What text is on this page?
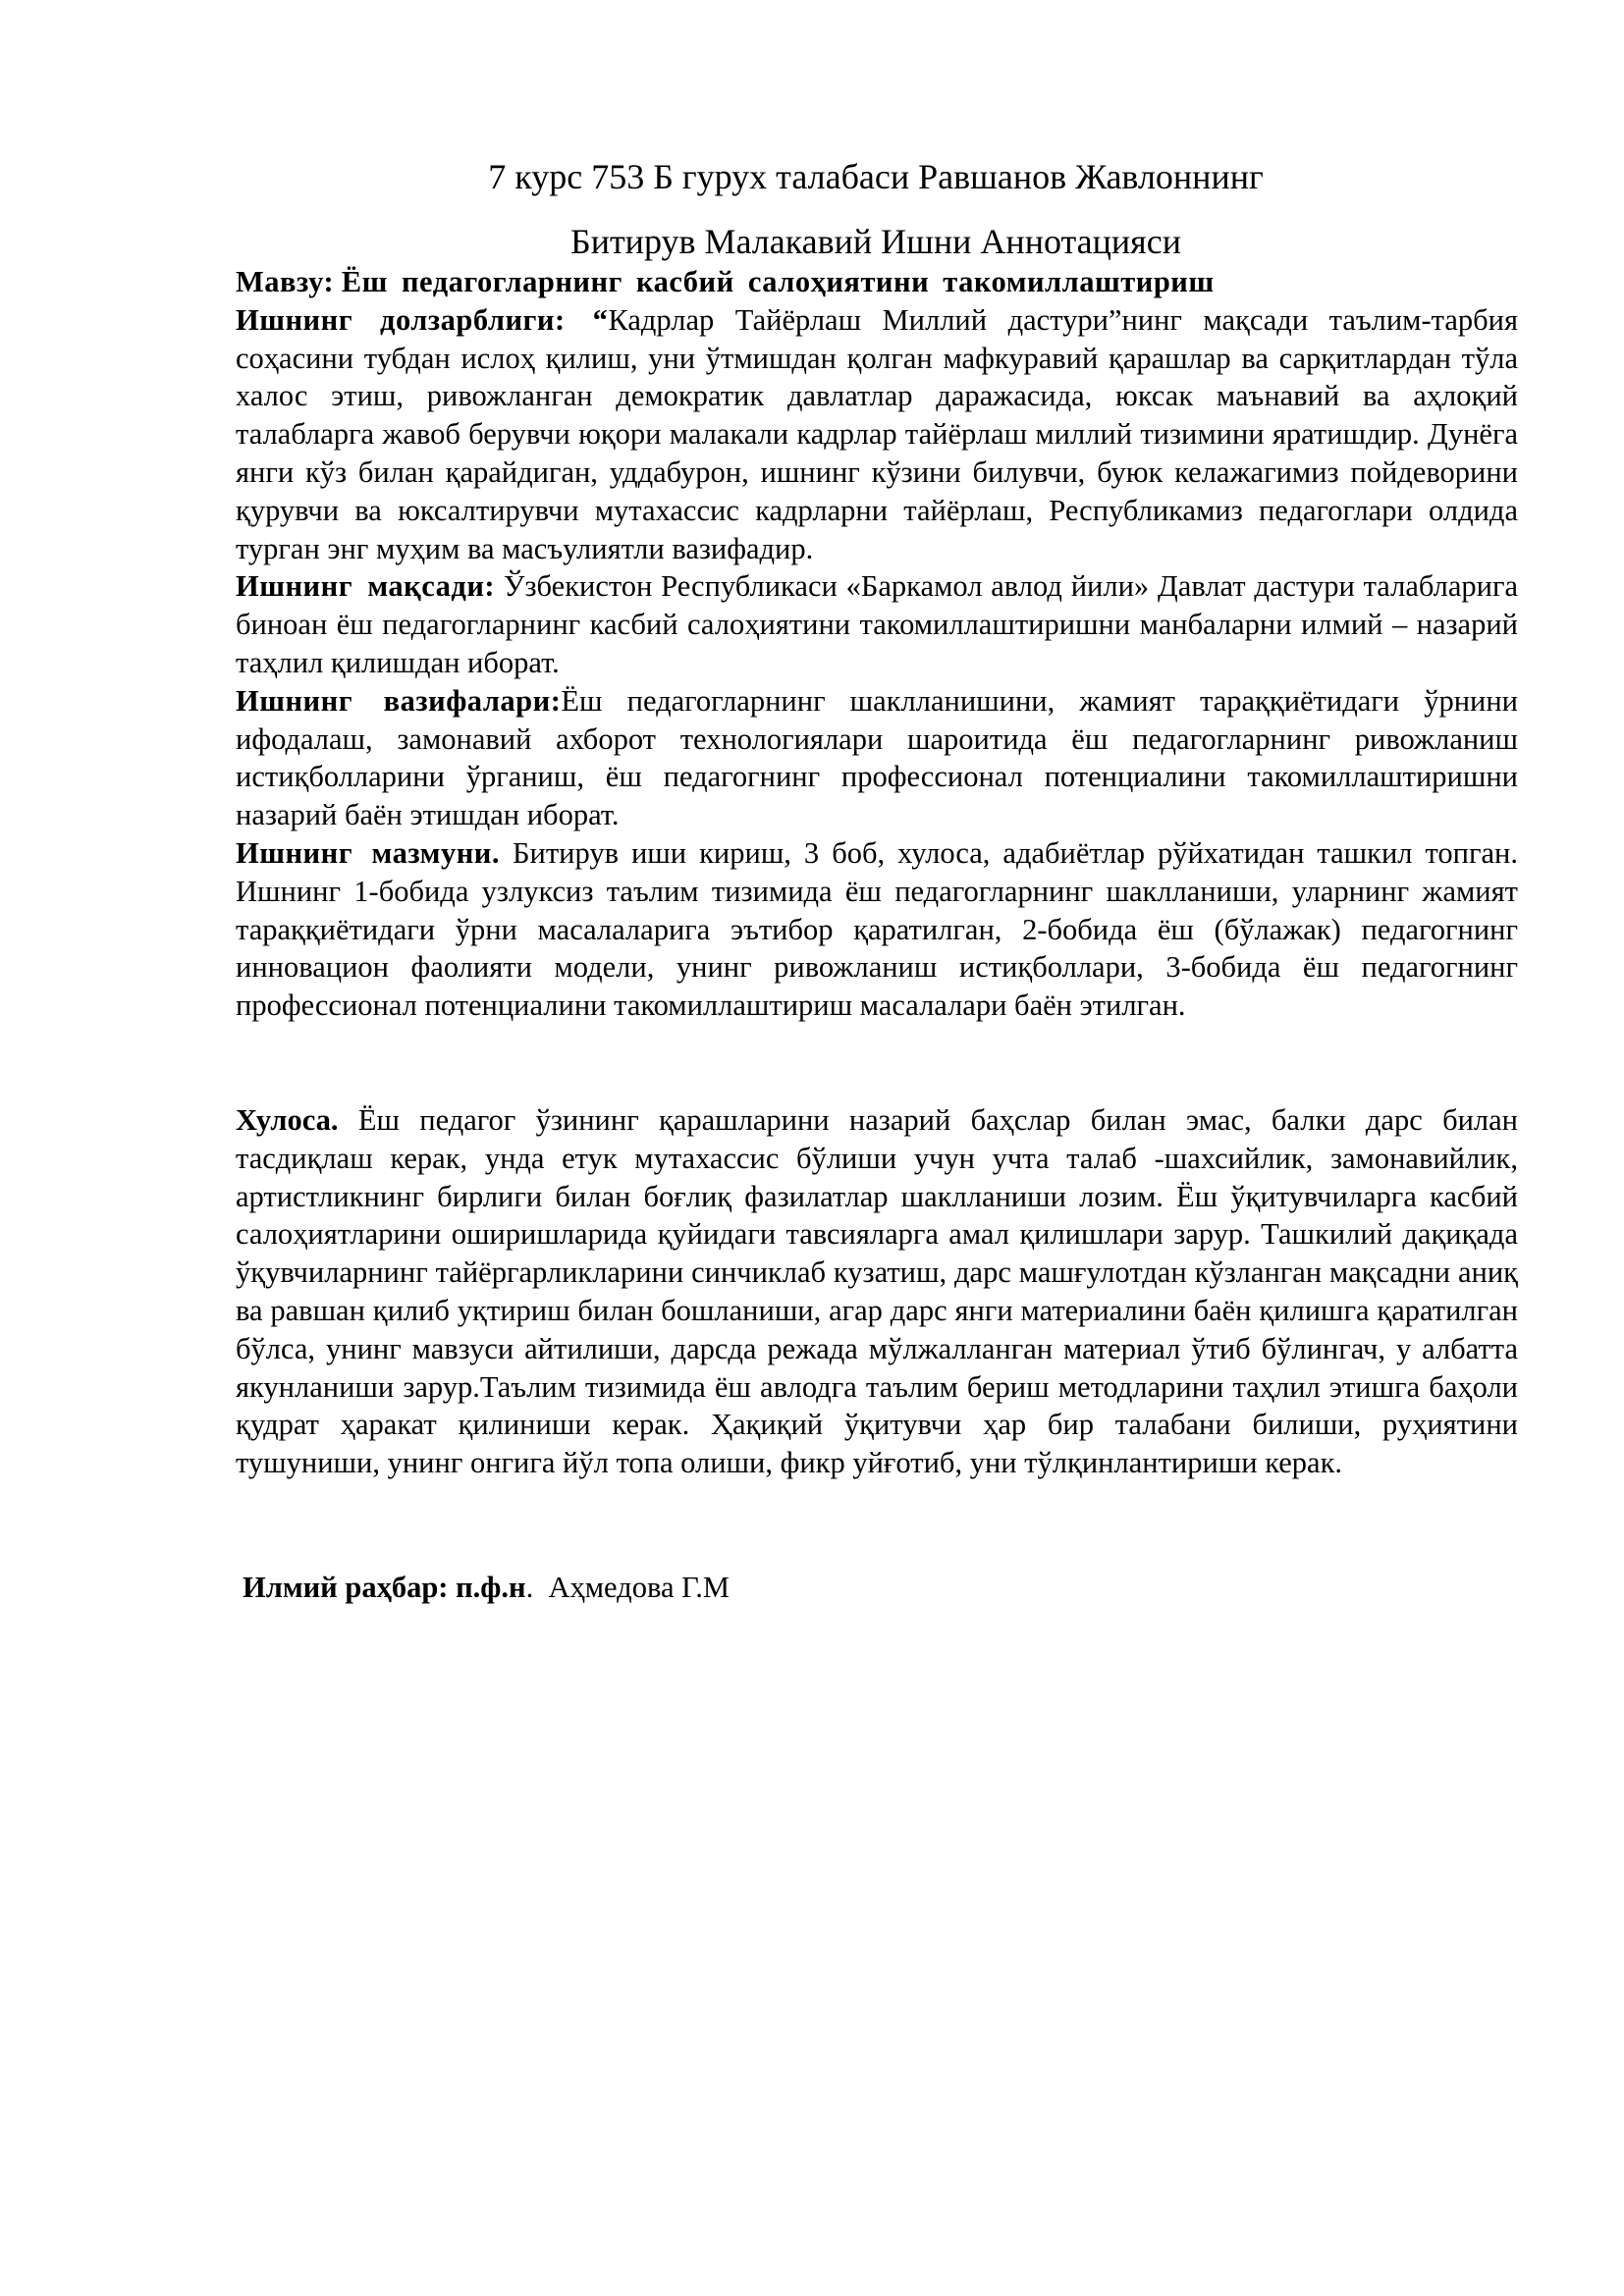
7 курс 753 Б гурух талабаси Равшанов Жавлоннинг
Битирув Малакавий Ишни Аннотацияси

Мавзу: Ёш педагогларнинг касбий салоҳиятини такомиллаштириш

Ишнинг долзарблиги: “Кадрлар Тайёрлаш Миллий дастури”нинг мақсади таълим-тарбия соҳасини тубдан ислоҳ қилиш, уни ўтмишдан қолган мафкуравий қарашлар ва сарқитлардан тўла халос этиш, ривожланган демократик давлатлар даражасида, юксак маънавий ва аҳлоқий талабларга жавоб берувчи юқори малакали кадрлар тайёрлаш миллий тизимини яратишдир. Дунёга янги кўз билан қарайдиган, уддабурон, ишнинг кўзини билувчи, буюк келажагимиз пойдеворини қурувчи ва юксалтирувчи мутахассис кадрларни тайёрлаш, Республикамиз педагоглари олдида турган энг муҳим ва масъулиятли вазифадир.

Ишнинг мақсади: Ўзбекистон Республикаси «Баркамол авлод йили» Давлат дастури талабларига биноан ёш педагогларнинг касбий салоҳиятини такомиллаштиришни манбаларни илмий – назарий таҳлил қилишдан иборат.

Ишнинг вазифалари:Ёш педагогларнинг шаклланишини, жамият тараққиётидаги ўрнини ифодалаш, замонавий ахборот технологиялари шароитида ёш педагогларнинг ривожланиш истиқболларини ўрганиш, ёш педагогнинг профессионал потенциалини такомиллаштиришни назарий баён этишдан иборат.

Ишнинг мазмуни. Битирув иши кириш, 3 боб, хулоса, адабиётлар рўйхатидан ташкил топган. Ишнинг 1-бобида узлуксиз таълим тизимида ёш педагогларнинг шаклланиши, уларнинг жамият тараққиётидаги ўрни масалаларига эътибор қаратилган, 2-бобида ёш (бўлажак) педагогнинг инновацион фаолияти модели, унинг ривожланиш истиқболлари, 3-бобида ёш педагогнинг профессионал потенциалини такомиллаштириш масалалари баён этилган.

Хулоса. Ёш педагог ўзининг қарашларини назарий баҳслар билан эмас, балки дарс билан тасдиқлаш керак, унда етук мутахассис бўлиши учун учта талаб -шахсийлик, замонавийлик, артистликнинг бирлиги билан боғлиқ фазилатлар шаклланиши лозим. Ёш ўқитувчиларга касбий салоҳиятларини оширишларида қуйидаги тавсияларга амал қилишлари зарур. Ташкилий дақиқада ўқувчиларнинг тайёргарликларини синчиклаб кузатиш, дарс машғулотдан кўзланган мақсадни аниқ ва равшан қилиб уқтириш билан бошланиши, агар дарс янги материалини баён қилишга қаратилган бўлса, унинг мавзуси айтилиши, дарсда режада мўлжалланган материал ўтиб бўлингач, у албатта якунланиши зарур.Таълим тизимида ёш авлодга таълим бериш методларини таҳлил этишга баҳоли қудрат ҳаракат қилиниши керак. Ҳақиқий ўқитувчи ҳар бир талабани билиши, руҳиятини тушуниши, унинг онгига йўл топа олиши, фикр уйғотиб, уни тўлқинлантириши керак.

Илмий раҳбар: п.ф.н.  Аҳмедова Г.М
